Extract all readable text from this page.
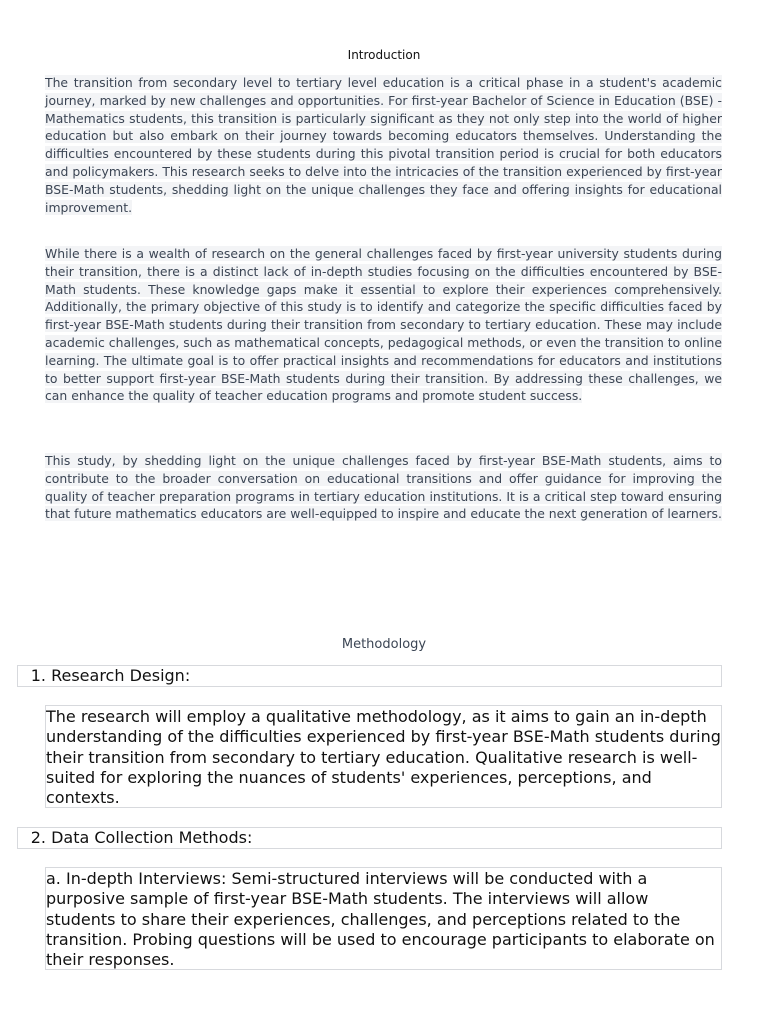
Introduction
The transition from secondary level to tertiary level education is a critical phase in a student's academic journey, marked by new challenges and opportunities. For first-year Bachelor of Science in Education (BSE) - Mathematics students, this transition is particularly significant as they not only step into the world of higher education but also embark on their journey towards becoming educators themselves. Understanding the difficulties encountered by these students during this pivotal transition period is crucial for both educators and policymakers. This research seeks to delve into the intricacies of the transition experienced by first-year BSE-Math students, shedding light on the unique challenges they face and offering insights for educational improvement.
While there is a wealth of research on the general challenges faced by first-year university students during their transition, there is a distinct lack of in-depth studies focusing on the difficulties encountered by BSE-Math students. These knowledge gaps make it essential to explore their experiences comprehensively. Additionally, the primary objective of this study is to identify and categorize the specific difficulties faced by first-year BSE-Math students during their transition from secondary to tertiary education. These may include academic challenges, such as mathematical concepts, pedagogical methods, or even the transition to online learning. The ultimate goal is to offer practical insights and recommendations for educators and institutions to better support first-year BSE-Math students during their transition. By addressing these challenges, we can enhance the quality of teacher education programs and promote student success.
This study, by shedding light on the unique challenges faced by first-year BSE-Math students, aims to contribute to the broader conversation on educational transitions and offer guidance for improving the quality of teacher preparation programs in tertiary education institutions. It is a critical step toward ensuring that future mathematics educators are well-equipped to inspire and educate the next generation of learners.
Methodology
1. Research Design:
The research will employ a qualitative methodology, as it aims to gain an in-depth understanding of the difficulties experienced by first-year BSE-Math students during their transition from secondary to tertiary education. Qualitative research is well-suited for exploring the nuances of students' experiences, perceptions, and contexts.
2. Data Collection Methods:
a. In-depth Interviews: Semi-structured interviews will be conducted with a purposive sample of first-year BSE-Math students. The interviews will allow students to share their experiences, challenges, and perceptions related to the transition. Probing questions will be used to encourage participants to elaborate on their responses.
